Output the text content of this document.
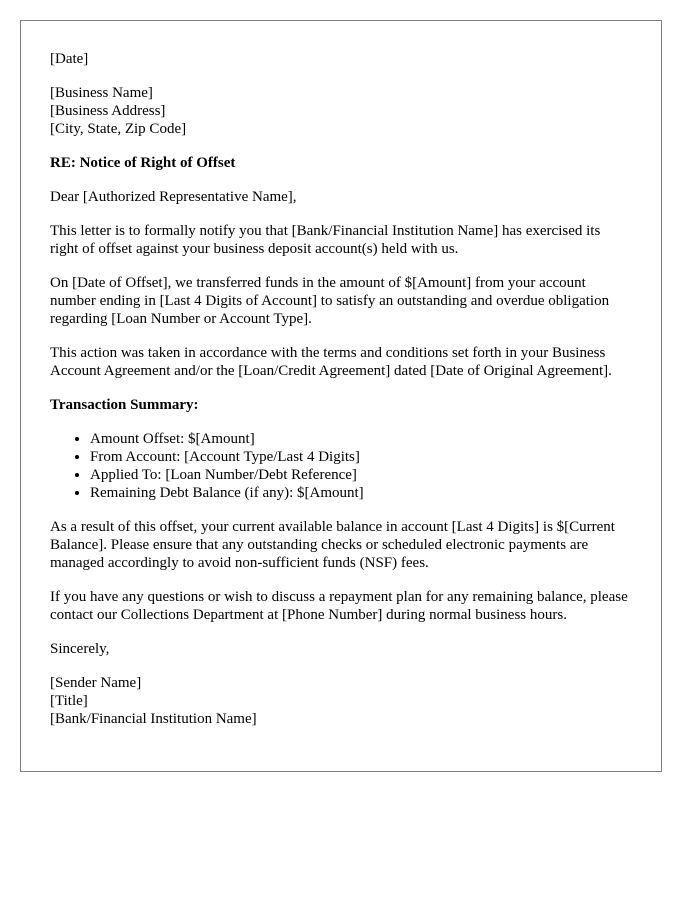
[Date]

[Business Name]
[Business Address]
[City, State, Zip Code]

RE: Notice of Right of Offset

Dear [Authorized Representative Name],

This letter is to formally notify you that [Bank/Financial Institution Name] has exercised its right of offset against your business deposit account(s) held with us.

On [Date of Offset], we transferred funds in the amount of $[Amount] from your account number ending in [Last 4 Digits of Account] to satisfy an outstanding and overdue obligation regarding [Loan Number or Account Type].

This action was taken in accordance with the terms and conditions set forth in your Business Account Agreement and/or the [Loan/Credit Agreement] dated [Date of Original Agreement].

Transaction Summary:

• Amount Offset: $[Amount]
• From Account: [Account Type/Last 4 Digits]
• Applied To: [Loan Number/Debt Reference]
• Remaining Debt Balance (if any): $[Amount]

As a result of this offset, your current available balance in account [Last 4 Digits] is $[Current Balance]. Please ensure that any outstanding checks or scheduled electronic payments are managed accordingly to avoid non-sufficient funds (NSF) fees.

If you have any questions or wish to discuss a repayment plan for any remaining balance, please contact our Collections Department at [Phone Number] during normal business hours.

Sincerely,

[Sender Name]
[Title]
[Bank/Financial Institution Name]
